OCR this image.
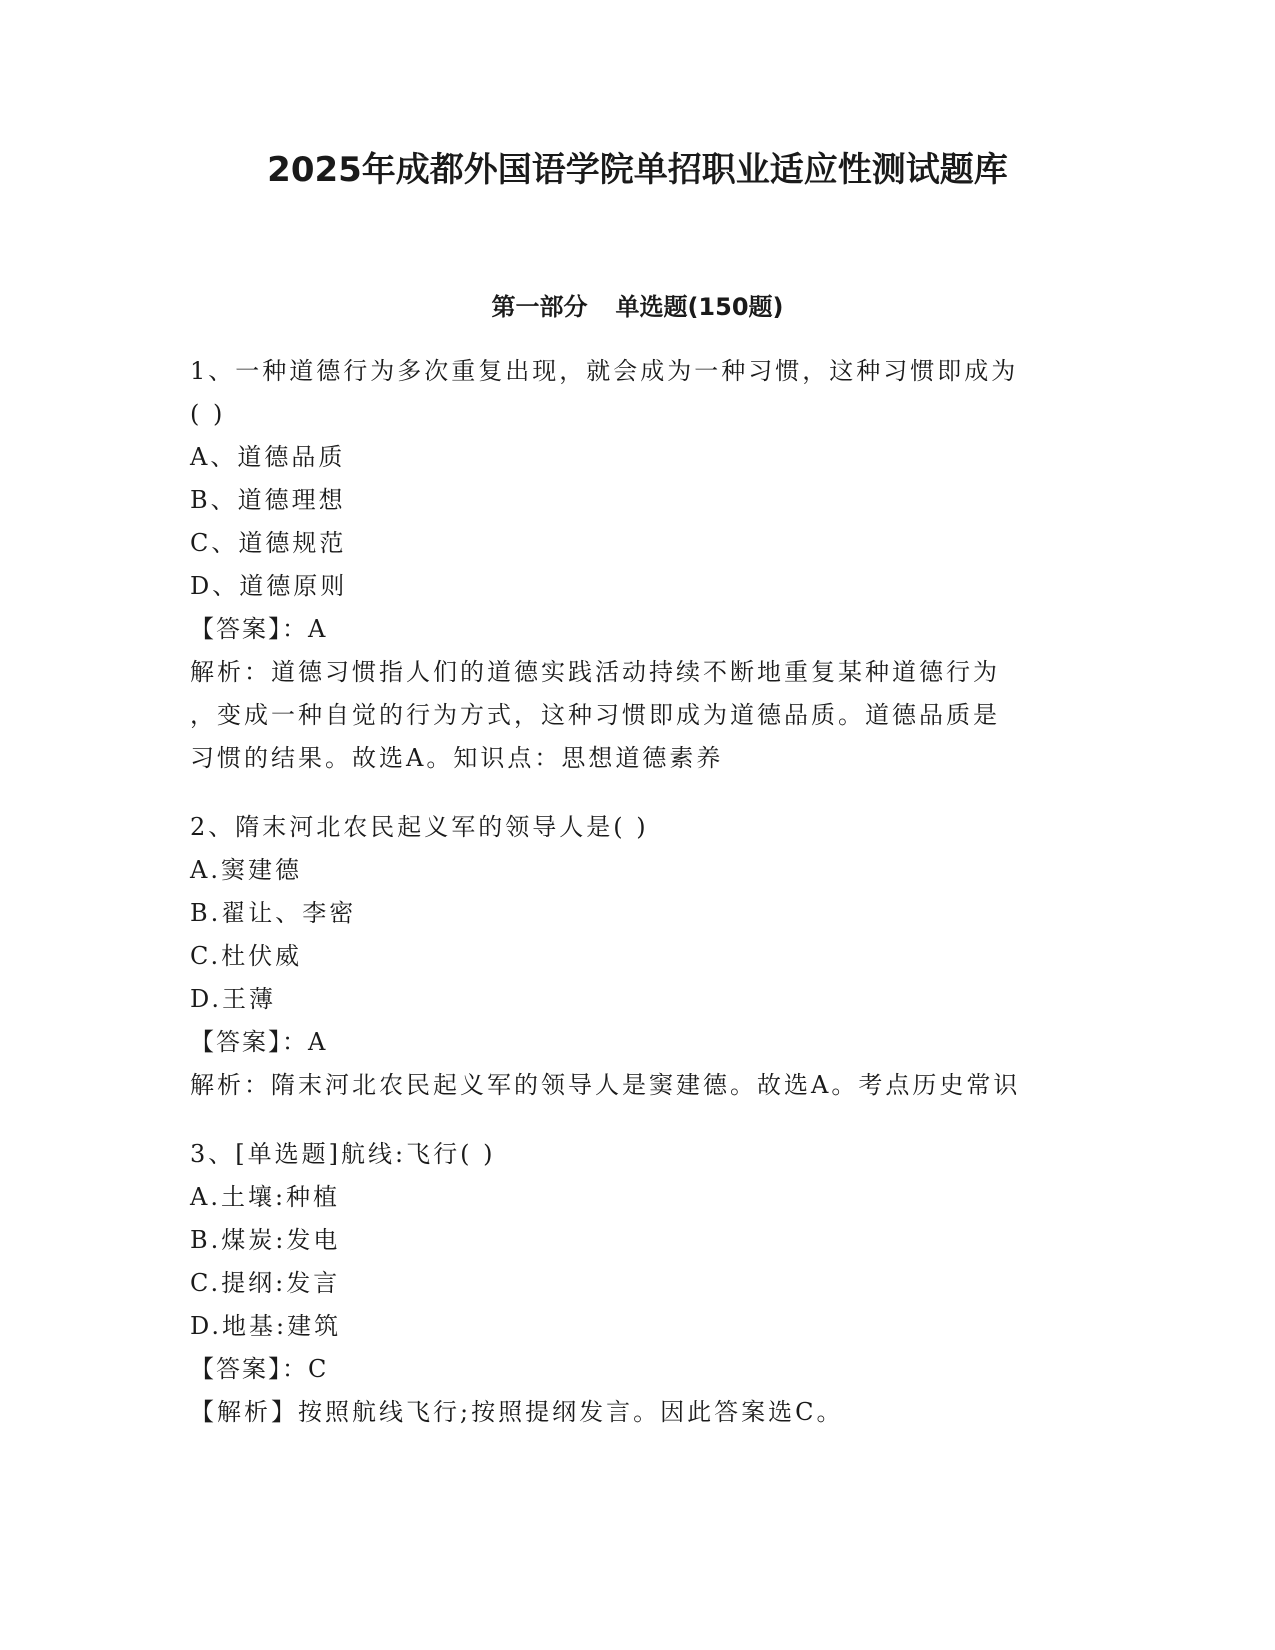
2025年成都外国语学院单招职业适应性测试题库
第一部分 单选题(150题)
1、一种道德行为多次重复出现，就会成为一种习惯，这种习惯即成为
( )
A、道德品质
B、道德理想
C、道德规范
D、道德原则
【答案】：A
解析：道德习惯指人们的道德实践活动持续不断地重复某种道德行为
，变成一种自觉的行为方式，这种习惯即成为道德品质。道德品质是
习惯的结果。故选A。知识点：思想道德素养
2、隋末河北农民起义军的领导人是( )
A.窦建德
B.翟让、李密
C.杜伏威
D.王薄
【答案】：A
解析：隋末河北农民起义军的领导人是窦建德。故选A。考点历史常识
3、[单选题]航线:飞行( )
A.土壤:种植
B.煤炭:发电
C.提纲:发言
D.地基:建筑
【答案】：C
【解析】按照航线飞行;按照提纲发言。因此答案选C。
